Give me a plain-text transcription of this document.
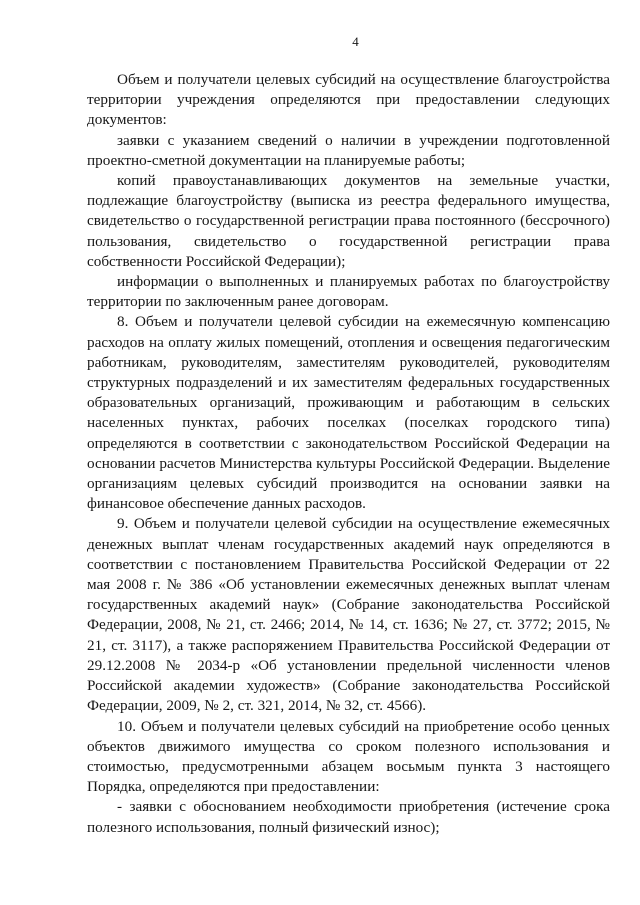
4

Объем и получатели целевых субсидий на осуществление благоустройства территории учреждения определяются при предоставлении следующих документов:

заявки с указанием сведений о наличии в учреждении подготовленной проектно-сметной документации на планируемые работы;

копий правоустанавливающих документов на земельные участки, подлежащие благоустройству (выписка из реестра федерального имущества, свидетельство о государственной регистрации права постоянного (бессрочного) пользования, свидетельство о государственной регистрации права собственности Российской Федерации);

информации о выполненных и планируемых работах по благоустройству территории по заключенным ранее договорам.

8. Объем и получатели целевой субсидии на ежемесячную компенсацию расходов на оплату жилых помещений, отопления и освещения педагогическим работникам, руководителям, заместителям руководителей, руководителям структурных подразделений и их заместителям федеральных государственных образовательных организаций, проживающим и работающим в сельских населенных пунктах, рабочих поселках (поселках городского типа) определяются в соответствии с законодательством Российской Федерации на основании расчетов Министерства культуры Российской Федерации. Выделение организациям целевых субсидий производится на основании заявки на финансовое обеспечение данных расходов.

9. Объем и получатели целевой субсидии на осуществление ежемесячных денежных выплат членам государственных академий наук определяются в соответствии с постановлением Правительства Российской Федерации от 22 мая 2008 г. № 386 «Об установлении ежемесячных денежных выплат членам государственных академий наук» (Собрание законодательства Российской Федерации, 2008, № 21, ст. 2466; 2014, № 14, ст. 1636; № 27, ст. 3772; 2015, № 21, ст. 3117), а также распоряжением Правительства Российской Федерации от 29.12.2008 № 2034-р «Об установлении предельной численности членов Российской академии художеств» (Собрание законодательства Российской Федерации, 2009, № 2, ст. 321, 2014, № 32, ст. 4566).

10. Объем и получатели целевых субсидий на приобретение особо ценных объектов движимого имущества со сроком полезного использования и стоимостью, предусмотренными абзацем восьмым пункта 3 настоящего Порядка, определяются при предоставлении:

- заявки с обоснованием необходимости приобретения (истечение срока полезного использования, полный физический износ);
